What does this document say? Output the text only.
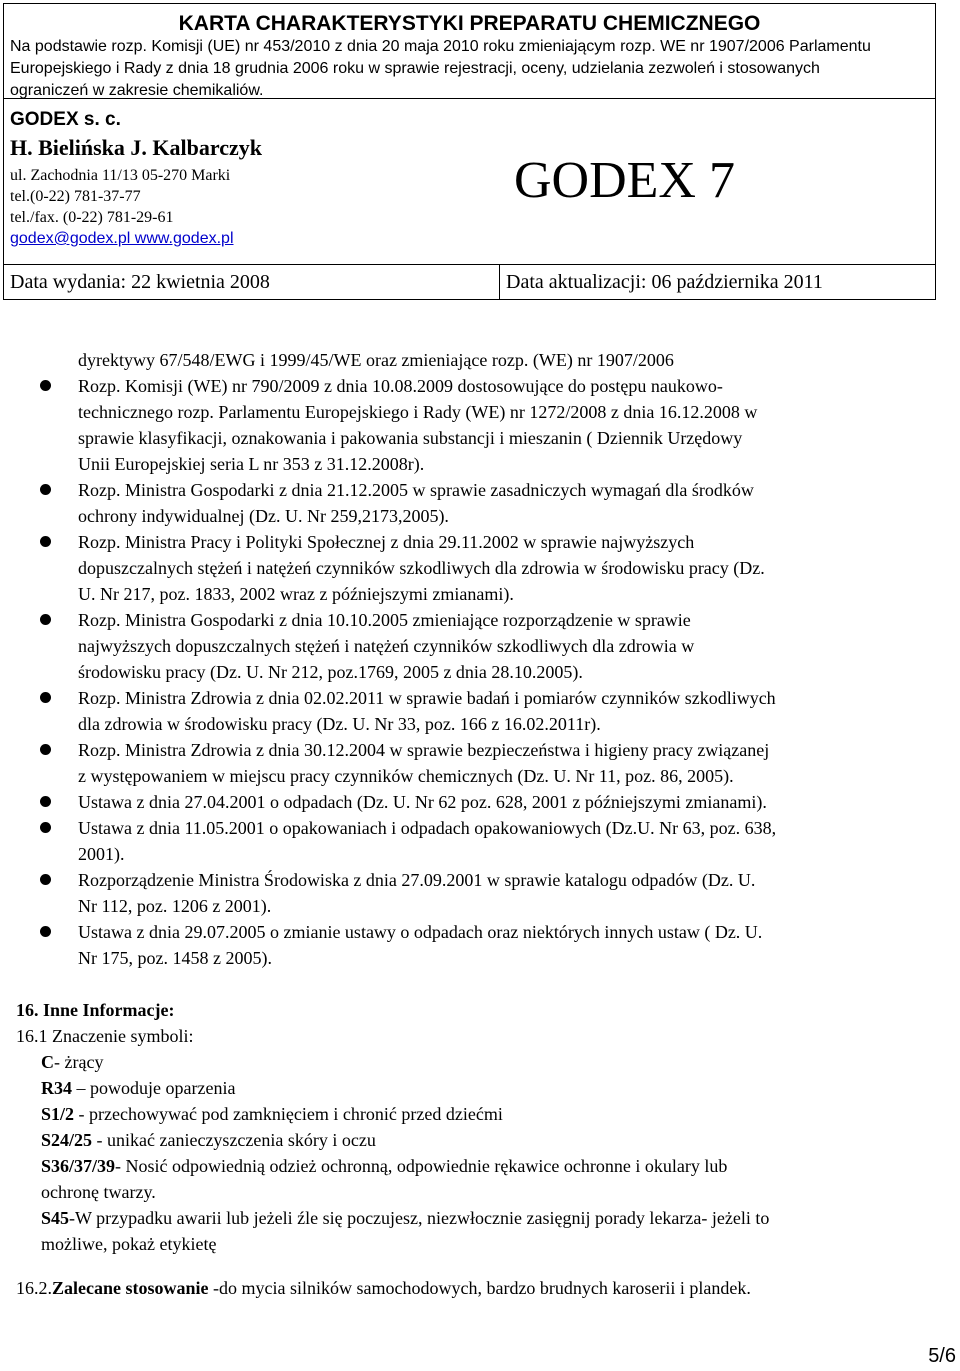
KARTA CHARAKTERYSTYKI PREPARATU CHEMICZNEGO
Na podstawie rozp. Komisji (UE) nr 453/2010 z dnia 20 maja 2010 roku zmieniającym rozp. WE nr 1907/2006 Parlamentu
Europejskiego i Rady z dnia 18 grudnia 2006 roku w sprawie rejestracji, oceny, udzielania zezwoleń i stosowanych
ograniczeń w zakresie chemikaliów.
GODEX s. c.
H. Bielińska J. Kalbarczyk
ul. Zachodnia 11/13 05-270 Marki
tel.(0-22) 781-37-77
tel./fax. (0-22) 781-29-61
godex@godex.pl www.godex.pl
GODEX 7
Data wydania: 22 kwietnia 2008	Data aktualizacji: 06 października 2011
dyrektywy 67/548/EWG i 1999/45/WE oraz zmieniające rozp. (WE) nr 1907/2006
Rozp. Komisji (WE) nr 790/2009 z dnia 10.08.2009 dostosowujące do postępu naukowo-
technicznego rozp. Parlamentu Europejskiego i Rady (WE) nr 1272/2008 z dnia 16.12.2008 w
sprawie klasyfikacji, oznakowania i pakowania substancji i mieszanin ( Dziennik Urzędowy
Unii Europejskiej seria L nr 353 z 31.12.2008r).
Rozp. Ministra Gospodarki z dnia 21.12.2005 w sprawie zasadniczych wymagań dla środków
ochrony indywidualnej (Dz. U. Nr 259,2173,2005).
Rozp. Ministra Pracy i Polityki Społecznej z dnia 29.11.2002 w sprawie najwyższych
dopuszczalnych stężeń i natężeń czynników szkodliwych dla zdrowia w środowisku pracy (Dz.
U. Nr 217, poz. 1833, 2002 wraz z późniejszymi zmianami).
Rozp. Ministra Gospodarki z dnia 10.10.2005 zmieniające rozporządzenie w sprawie
najwyższych dopuszczalnych stężeń i natężeń czynników szkodliwych dla zdrowia w
środowisku pracy (Dz. U. Nr 212, poz.1769, 2005 z dnia 28.10.2005).
Rozp. Ministra Zdrowia z dnia 02.02.2011 w sprawie badań i pomiarów czynników szkodliwych
dla zdrowia w środowisku pracy (Dz. U. Nr 33, poz. 166 z 16.02.2011r).
Rozp. Ministra Zdrowia z dnia 30.12.2004 w sprawie bezpieczeństwa i higieny pracy związanej
z występowaniem w miejscu pracy czynników chemicznych (Dz. U. Nr 11, poz. 86, 2005).
Ustawa z dnia 27.04.2001 o odpadach (Dz. U. Nr 62 poz. 628, 2001 z późniejszymi zmianami).
Ustawa z dnia 11.05.2001 o opakowaniach i odpadach opakowaniowych (Dz.U. Nr 63, poz. 638,
2001).
Rozporządzenie Ministra Środowiska z dnia 27.09.2001 w sprawie katalogu odpadów (Dz. U.
Nr 112, poz. 1206 z 2001).
Ustawa z dnia 29.07.2005 o zmianie ustawy o odpadach oraz niektórych innych ustaw ( Dz. U.
Nr 175, poz. 1458 z 2005).
16. Inne Informacje:
16.1 Znaczenie symboli:
C- żrący
R34 – powoduje oparzenia
S1/2 - przechowywać pod zamknięciem i chronić przed dziećmi
S24/25 - unikać zanieczyszczenia skóry i oczu
S36/37/39- Nosić odpowiednią odzież ochronną, odpowiednie rękawice ochronne i okulary lub
ochronę twarzy.
S45-W przypadku awarii lub jeżeli źle się poczujesz, niezwłocznie zasięgnij porady lekarza- jeżeli to
możliwe, pokaż etykietę
16.2.Zalecane stosowanie -do mycia silników samochodowych, bardzo brudnych karoserii i plandek.
5/6
